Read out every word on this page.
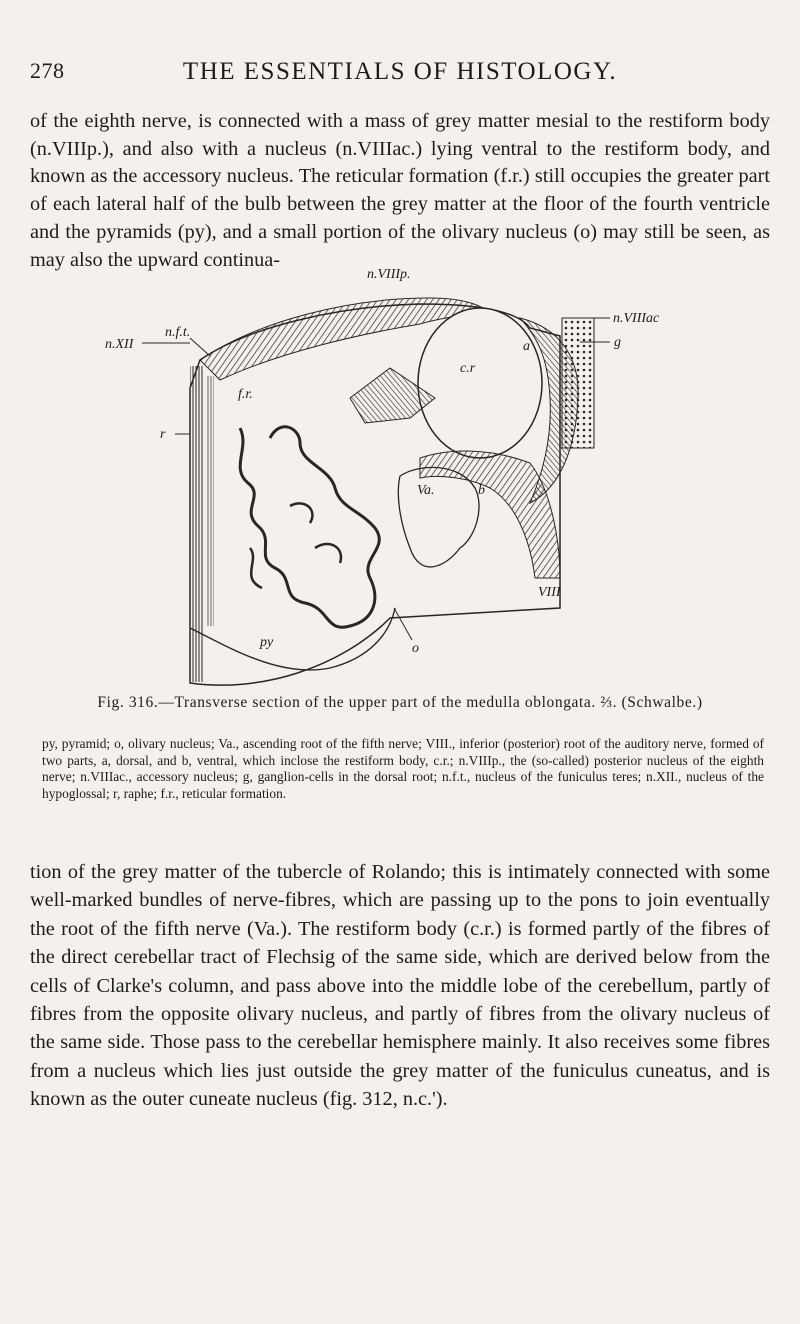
278	THE ESSENTIALS OF HISTOLOGY.

of the eighth nerve, is connected with a mass of grey matter mesial to the restiform body (n.VIIIp.), and also with a nucleus (n.VIIIac.) lying ventral to the restiform body, and known as the accessory nucleus. The reticular formation (f.r.) still occupies the greater part of each lateral half of the bulb between the grey matter at the floor of the fourth ventricle and the pyramids (py), and a small portion of the olivary nucleus (o) may still be seen, as may also the upward continua-

n.VIIIp.
n.f.t.
n.XII	a
c.r
f.r.
n.VIIIac
g
r
Va.	b
VIII
py	o
Fig. 316.—Transverse section of the upper part of the medulla oblongata. ⅔. (Schwalbe.)

py, pyramid; o, olivary nucleus; Va., ascending root of the fifth nerve; VIII., inferior (posterior) root of the auditory nerve, formed of two parts, a, dorsal, and b, ventral, which inclose the restiform body, c.r.; n.VIIIp., the (so-called) posterior nucleus of the eighth nerve; n.VIIIac., accessory nucleus; g, ganglion-cells in the dorsal root; n.f.t., nucleus of the funiculus teres; n.XII., nucleus of the hypoglossal; r, raphe; f.r., reticular formation.

tion of the grey matter of the tubercle of Rolando; this is intimately connected with some well-marked bundles of nerve-fibres, which are passing up to the pons to join eventually the root of the fifth nerve (Va.). The restiform body (c.r.) is formed partly of the fibres of the direct cerebellar tract of Flechsig of the same side, which are derived below from the cells of Clarke's column, and pass above into the middle lobe of the cerebellum, partly of fibres from the opposite olivary nucleus, and partly of fibres from the olivary nucleus of the same side. Those pass to the cerebellar hemisphere mainly. It also receives some fibres from a nucleus which lies just outside the grey matter of the funiculus cuneatus, and is known as the outer cuneate nucleus (fig. 312, n.c.').
